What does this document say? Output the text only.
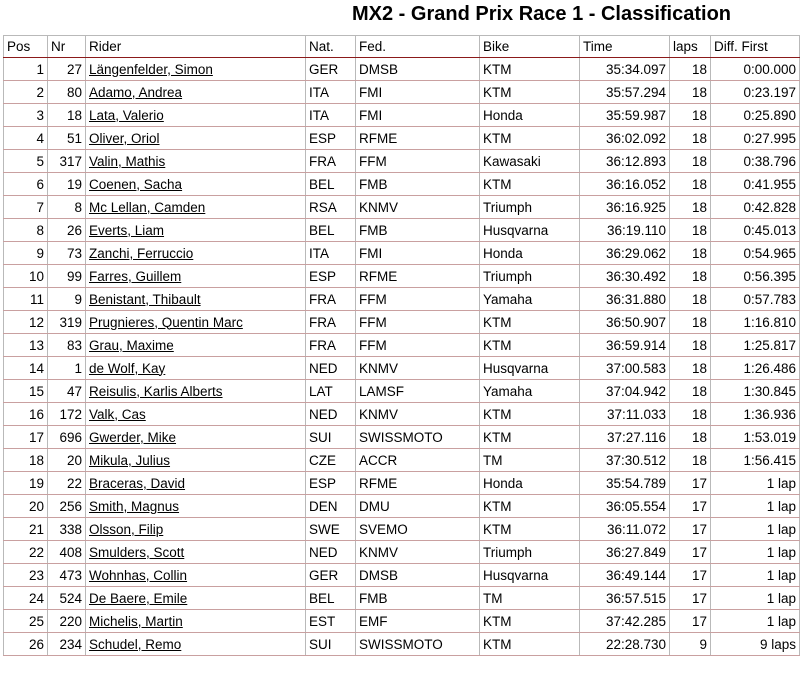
MX2 - Grand Prix Race 1 - Classification
Pos	Nr	Rider	Nat.	Fed.	Bike	Time	laps	Diff. First
1	27	Längenfelder, Simon	GER	DMSB	KTM	35:34.097	18	0:00.000
2	80	Adamo, Andrea	ITA	FMI	KTM	35:57.294	18	0:23.197
3	18	Lata, Valerio	ITA	FMI	Honda	35:59.987	18	0:25.890
4	51	Oliver, Oriol	ESP	RFME	KTM	36:02.092	18	0:27.995
5	317	Valin, Mathis	FRA	FFM	Kawasaki	36:12.893	18	0:38.796
6	19	Coenen, Sacha	BEL	FMB	KTM	36:16.052	18	0:41.955
7	8	Mc Lellan, Camden	RSA	KNMV	Triumph	36:16.925	18	0:42.828
8	26	Everts, Liam	BEL	FMB	Husqvarna	36:19.110	18	0:45.013
9	73	Zanchi, Ferruccio	ITA	FMI	Honda	36:29.062	18	0:54.965
10	99	Farres, Guillem	ESP	RFME	Triumph	36:30.492	18	0:56.395
11	9	Benistant, Thibault	FRA	FFM	Yamaha	36:31.880	18	0:57.783
12	319	Prugnieres, Quentin Marc	FRA	FFM	KTM	36:50.907	18	1:16.810
13	83	Grau, Maxime	FRA	FFM	KTM	36:59.914	18	1:25.817
14	1	de Wolf, Kay	NED	KNMV	Husqvarna	37:00.583	18	1:26.486
15	47	Reisulis, Karlis Alberts	LAT	LAMSF	Yamaha	37:04.942	18	1:30.845
16	172	Valk, Cas	NED	KNMV	KTM	37:11.033	18	1:36.936
17	696	Gwerder, Mike	SUI	SWISSMOTO	KTM	37:27.116	18	1:53.019
18	20	Mikula, Julius	CZE	ACCR	TM	37:30.512	18	1:56.415
19	22	Braceras, David	ESP	RFME	Honda	35:54.789	17	1 lap
20	256	Smith, Magnus	DEN	DMU	KTM	36:05.554	17	1 lap
21	338	Olsson, Filip	SWE	SVEMO	KTM	36:11.072	17	1 lap
22	408	Smulders, Scott	NED	KNMV	Triumph	36:27.849	17	1 lap
23	473	Wohnhas, Collin	GER	DMSB	Husqvarna	36:49.144	17	1 lap
24	524	De Baere, Emile	BEL	FMB	TM	36:57.515	17	1 lap
25	220	Michelis, Martin	EST	EMF	KTM	37:42.285	17	1 lap
26	234	Schudel, Remo	SUI	SWISSMOTO	KTM	22:28.730	9	9 laps
